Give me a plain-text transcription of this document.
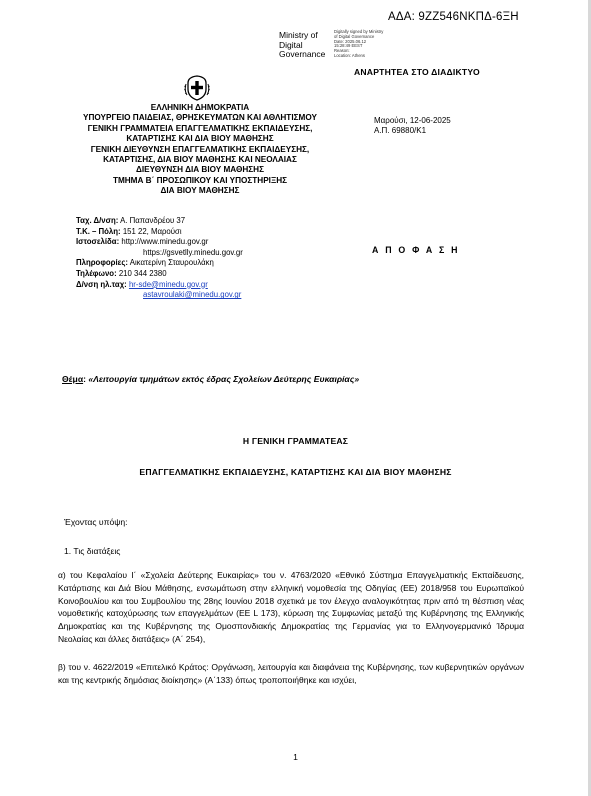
ΑΔΑ: 9ΖΖ546ΝΚΠΔ-6ΞΗ
Ministry of
Digital
Governance
Digitally signed by Ministry
of Digital Governance
Date: 2025.06.12
15:28:49 EEST
Reason:
Location: Athens
ΑΝΑΡΤΗΤΕΑ ΣΤΟ ΔΙΑΔΙΚΤΥΟ
ΕΛΛΗΝΙΚΗ ΔΗΜΟΚΡΑΤΙΑ
ΥΠΟΥΡΓΕΙΟ ΠΑΙΔΕΙΑΣ, ΘΡΗΣΚΕΥΜΑΤΩΝ ΚΑΙ ΑΘΛΗΤΙΣΜΟΥ
ΓΕΝΙΚΗ ΓΡΑΜΜΑΤΕΙΑ ΕΠΑΓΓΕΛΜΑΤΙΚΗΣ ΕΚΠΑΙΔΕΥΣΗΣ,
ΚΑΤΑΡΤΙΣΗΣ ΚΑΙ ΔΙΑ ΒΙΟΥ ΜΑΘΗΣΗΣ
ΓΕΝΙΚΗ ΔΙΕΥΘΥΝΣΗ ΕΠΑΓΓΕΛΜΑΤΙΚΗΣ ΕΚΠΑΙΔΕΥΣΗΣ,
ΚΑΤΑΡΤΙΣΗΣ, ΔΙΑ ΒΙΟΥ ΜΑΘΗΣΗΣ ΚΑΙ ΝΕΟΛΑΙΑΣ
ΔΙΕΥΘΥΝΣΗ ΔΙΑ ΒΙΟΥ ΜΑΘΗΣΗΣ
ΤΜΗΜΑ Β΄ ΠΡΟΣΩΠΙΚΟΥ ΚΑΙ ΥΠΟΣΤΗΡΙΞΗΣ
ΔΙΑ ΒΙΟΥ ΜΑΘΗΣΗΣ
Μαρούσι, 12-06-2025
Α.Π. 69880/Κ1
Ταχ. Δ/νση: Α. Παπανδρέου 37
Τ.Κ. – Πόλη: 151 22, Μαρούσι
Ιστοσελίδα: http://www.minedu.gov.gr
https://gsvetlly.minedu.gov.gr
Πληροφορίες: Αικατερίνη Σταυρουλάκη
Τηλέφωνο: 210 344 2380
Δ/νση ηλ.ταχ: hr-sde@minedu.gov.gr
astavroulaki@minedu.gov.gr
Α Π Ο Φ Α Σ Η
Θέμα: «Λειτουργία τμημάτων εκτός έδρας Σχολείων Δεύτερης Ευκαιρίας»
Η ΓΕΝΙΚΗ ΓΡΑΜΜΑΤΕΑΣ
ΕΠΑΓΓΕΛΜΑΤΙΚΗΣ ΕΚΠΑΙΔΕΥΣΗΣ, ΚΑΤΑΡΤΙΣΗΣ ΚΑΙ ΔΙΑ ΒΙΟΥ ΜΑΘΗΣΗΣ
Έχοντας υπόψη:
1. Τις διατάξεις
α) του Κεφαλαίου Ι΄ «Σχολεία Δεύτερης Ευκαιρίας» του ν. 4763/2020 «Εθνικό Σύστημα Επαγγελματικής Εκπαίδευσης, Κατάρτισης και Διά Βίου Μάθησης, ενσωμάτωση στην ελληνική νομοθεσία της Οδηγίας (ΕΕ) 2018/958 του Ευρωπαϊκού Κοινοβουλίου και του Συμβουλίου της 28ης Ιουνίου 2018 σχετικά με τον έλεγχο αναλογικότητας πριν από τη θέσπιση νέας νομοθετικής κατοχύρωσης των επαγγελμάτων (ΕΕ L 173), κύρωση της Συμφωνίας μεταξύ της Κυβέρνησης της Ελληνικής Δημοκρατίας και της Κυβέρνησης της Ομοσπονδιακής Δημοκρατίας της Γερμανίας για το Ελληνογερμανικό Ίδρυμα Νεολαίας και άλλες διατάξεις» (Α΄ 254),
β) του ν. 4622/2019 «Επιτελικό Κράτος: Οργάνωση, λειτουργία και διαφάνεια της Κυβέρνησης, των κυβερνητικών οργάνων και της κεντρικής δημόσιας διοίκησης» (Α΄133) όπως τροποποιήθηκε και ισχύει,
1
